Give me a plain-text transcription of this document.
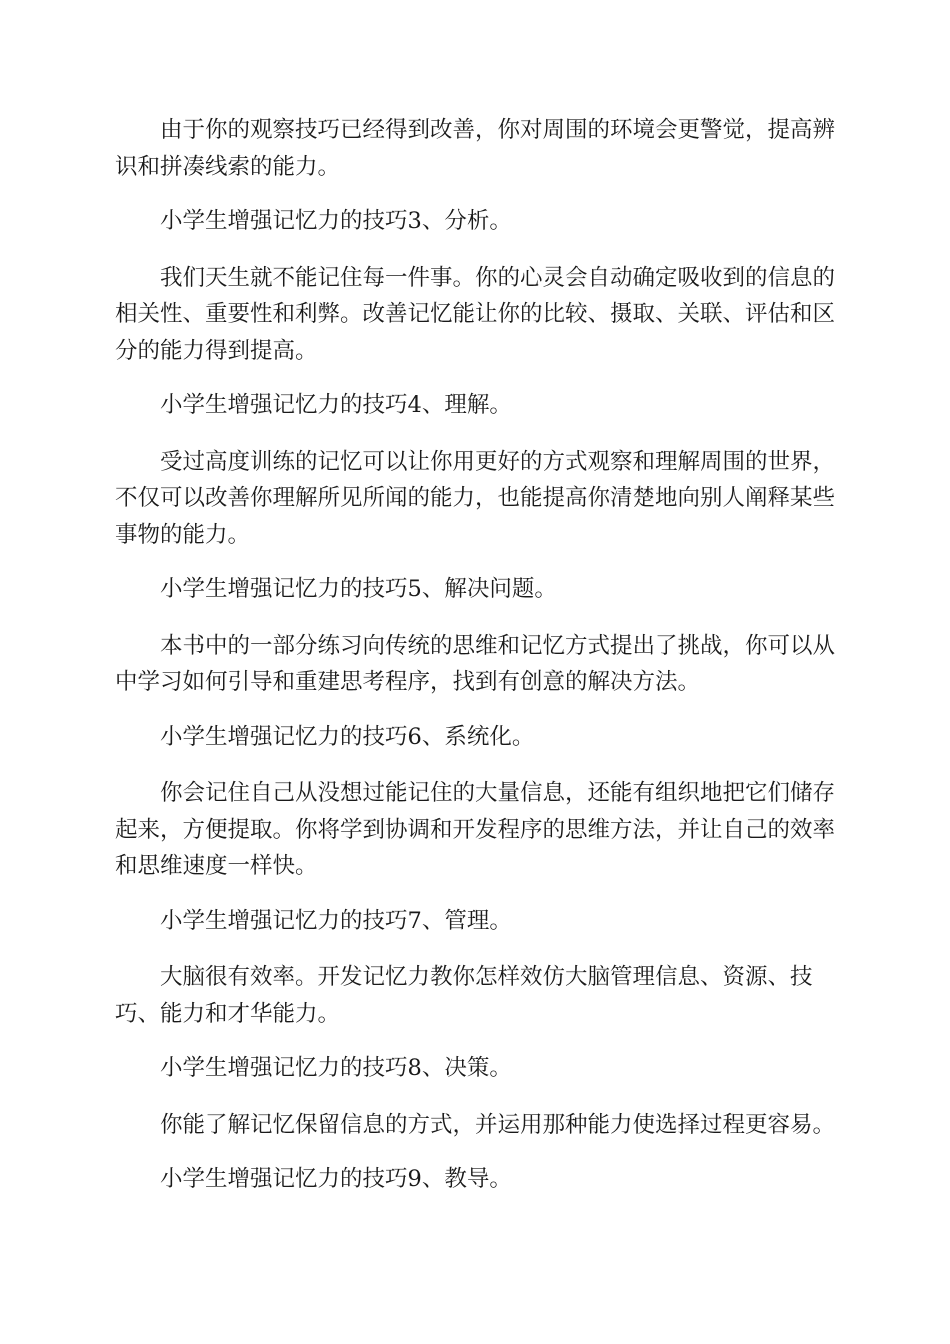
由于你的观察技巧已经得到改善，你对周围的环境会更警觉，提高辨识和拼凑线索的能力。

小学生增强记忆力的技巧3、分析。

我们天生就不能记住每一件事。你的心灵会自动确定吸收到的信息的相关性、重要性和利弊。改善记忆能让你的比较、摄取、关联、评估和区分的能力得到提高。

小学生增强记忆力的技巧4、理解。

受过高度训练的记忆可以让你用更好的方式观察和理解周围的世界，不仅可以改善你理解所见所闻的能力，也能提高你清楚地向别人阐释某些事物的能力。

小学生增强记忆力的技巧5、解决问题。

本书中的一部分练习向传统的思维和记忆方式提出了挑战，你可以从中学习如何引导和重建思考程序，找到有创意的解决方法。

小学生增强记忆力的技巧6、系统化。

你会记住自己从没想过能记住的大量信息，还能有组织地把它们储存起来，方便提取。你将学到协调和开发程序的思维方法，并让自己的效率和思维速度一样快。

小学生增强记忆力的技巧7、管理。

大脑很有效率。开发记忆力教你怎样效仿大脑管理信息、资源、技巧、能力和才华能力。

小学生增强记忆力的技巧8、决策。

你能了解记忆保留信息的方式，并运用那种能力使选择过程更容易。

小学生增强记忆力的技巧9、教导。
